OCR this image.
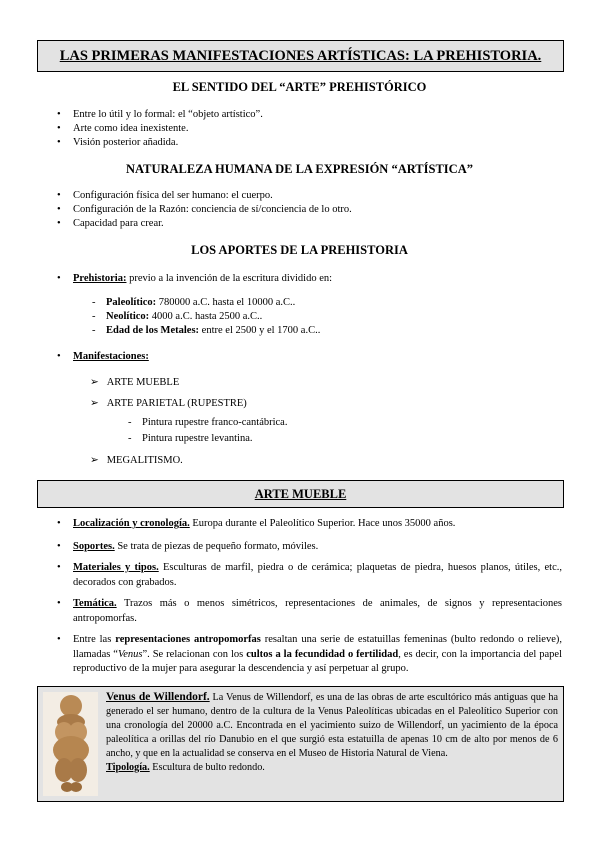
LAS PRIMERAS MANIFESTACIONES ARTÍSTICAS: LA PREHISTORIA.
EL SENTIDO DEL “ARTE” PREHISTÓRICO
• Entre lo útil y lo formal: el “objeto artístico”.
• Arte como idea inexistente.
• Visión posterior añadida.
NATURALEZA HUMANA DE LA EXPRESIÓN “ARTÍSTICA”
• Configuración física del ser humano: el cuerpo.
• Configuración de la Razón: conciencia de sí/conciencia de lo otro.
• Capacidad para crear.
LOS APORTES DE LA PREHISTORIA
• Prehistoria: previo a la invención de la escritura dividido en:
-    Paleolítico: 780000 a.C. hasta el 10000 a.C..
-    Neolítico: 4000 a.C. hasta 2500 a.C..
-    Edad de los Metales: entre el 2500 y el 1700 a.C..
• Manifestaciones:
➢ ARTE MUEBLE
➢ ARTE PARIETAL (RUPESTRE)
-    Pintura rupestre franco-cantábrica.
-    Pintura rupestre levantina.
➢ MEGALITISMO.
ARTE MUEBLE
• Localización y cronología. Europa durante el Paleolítico Superior. Hace unos 35000 años.
• Soportes. Se trata de piezas de pequeño formato, móviles.
• Materiales y tipos. Esculturas de marfil, piedra o de cerámica; plaquetas de piedra, huesos planos, útiles, etc., decorados con grabados.
• Temática. Trazos más o menos simétricos, representaciones de animales, de signos y representaciones antropomorfas.
• Entre las representaciones antropomorfas resaltan una serie de estatuillas femeninas (bulto redondo o relieve), llamadas “Venus”. Se relacionan con los cultos a la fecundidad o fertilidad, es decir, con la importancia del papel reproductivo de la mujer para asegurar la descendencia y así perpetuar al grupo.
Venus de Willendorf. La Venus de Willendorf, es una de las obras de arte escultórico más antiguas que ha generado el ser humano, dentro de la cultura de la Venus Paleolíticas ubicadas en el Paleolítico Superior con una cronología del 20000 a.C. Encontrada en el yacimiento suizo de Willendorf, un yacimiento de la época paleolítica a orillas del río Danubio en el que surgió esta estatuilla de apenas 10 cm de alto por menos de 6 ancho, y que en la actualidad se conserva en el Museo de Historia Natural de Viena.
Tipología. Escultura de bulto redondo.
